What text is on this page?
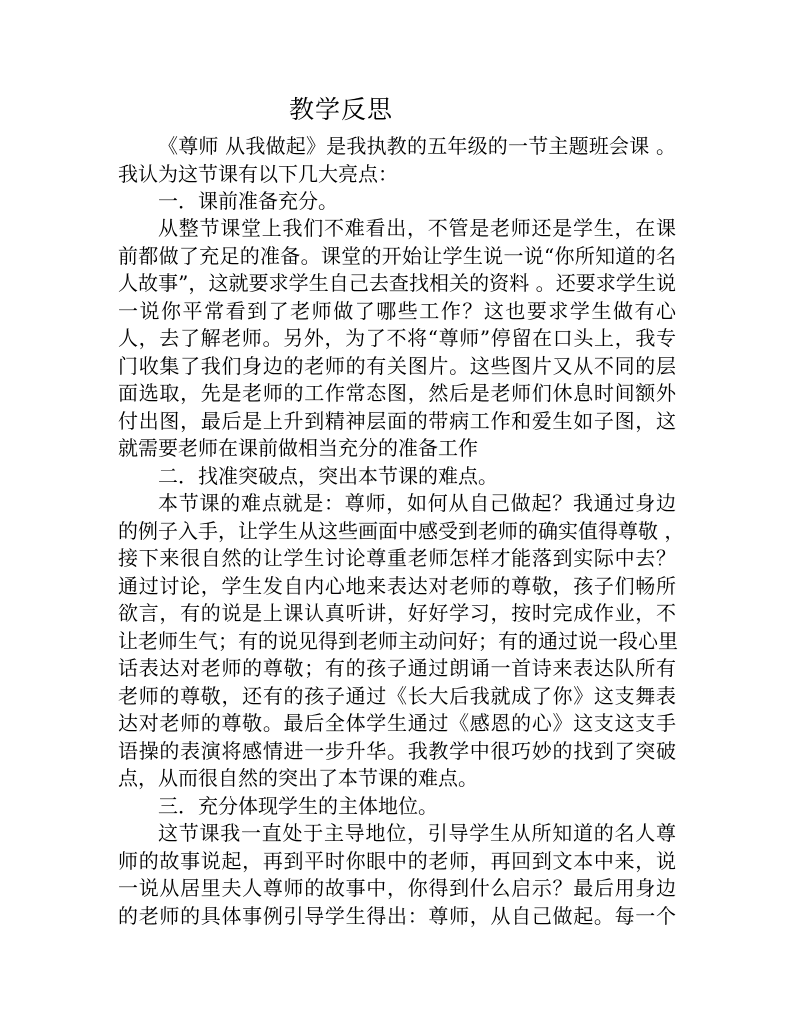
教学反思
《尊师 从我做起》是我执教的五年级的一节主题班会课 。
我认为这节课有以下几大亮点：
一．课前准备充分。
从整节课堂上我们不难看出，不管是老师还是学生，在课
前都做了充足的准备。课堂的开始让学生说一说“你所知道的名
人故事”，这就要求学生自己去查找相关的资料 。还要求学生说
一说你平常看到了老师做了哪些工作？这也要求学生做有心
人，去了解老师。另外，为了不将“尊师”停留在口头上，我专
门收集了我们身边的老师的有关图片。这些图片又从不同的层
面选取，先是老师的工作常态图，然后是老师们休息时间额外
付出图，最后是上升到精神层面的带病工作和爱生如子图，这
就需要老师在课前做相当充分的准备工作
二．找准突破点，突出本节课的难点。
本节课的难点就是：尊师，如何从自己做起？我通过身边
的例子入手，让学生从这些画面中感受到老师的确实值得尊敬 ，
接下来很自然的让学生讨论尊重老师怎样才能落到实际中去？
通过讨论，学生发自内心地来表达对老师的尊敬，孩子们畅所
欲言，有的说是上课认真听讲，好好学习，按时完成作业，不
让老师生气；有的说见得到老师主动问好；有的通过说一段心里
话表达对老师的尊敬；有的孩子通过朗诵一首诗来表达队所有
老师的尊敬，还有的孩子通过《长大后我就成了你》这支舞表
达对老师的尊敬。最后全体学生通过《感恩的心》这支这支手
语操的表演将感情进一步升华。我教学中很巧妙的找到了突破
点，从而很自然的突出了本节课的难点。
三．充分体现学生的主体地位。
这节课我一直处于主导地位，引导学生从所知道的名人尊
师的故事说起，再到平时你眼中的老师，再回到文本中来，说
一说从居里夫人尊师的故事中，你得到什么启示？最后用身边
的老师的具体事例引导学生得出：尊师，从自己做起。每一个
